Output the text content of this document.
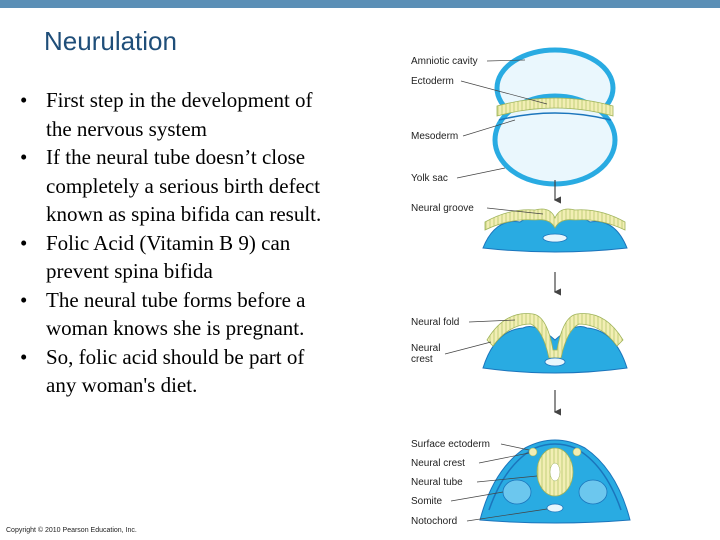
Neurulation
• First step in the development of the nervous system
• If the neural tube doesn’t close completely a serious birth defect known as spina bifida can result.
• Folic Acid (Vitamin B 9) can prevent spina bifida
• The neural tube forms before a woman knows she is pregnant.
• So, folic acid should be part of any woman's diet.
Copyright © 2010 Pearson Education, Inc.
Amniotic cavity
Ectoderm
Mesoderm
Yolk sac
Neural groove
Neural fold
Neural
crest
Surface ectoderm
Neural crest
Neural tube
Somite
Notochord
